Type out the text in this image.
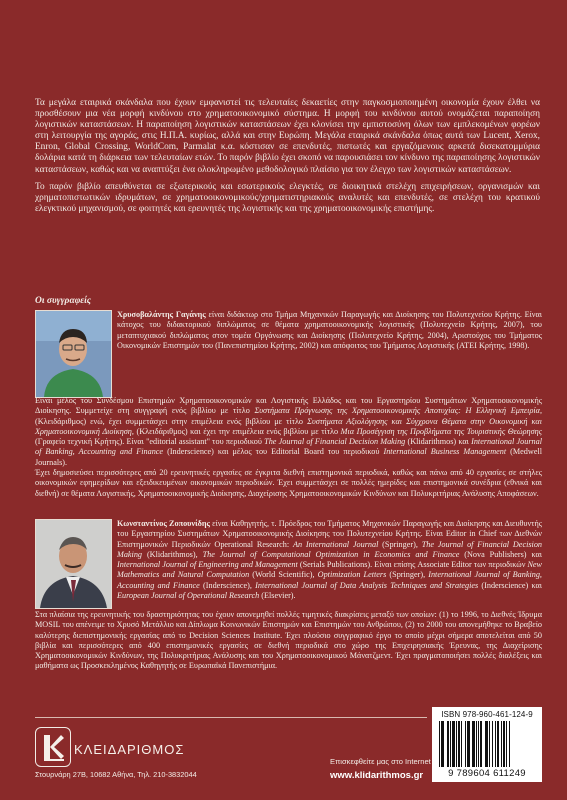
Τα μεγάλα εταιρικά σκάνδαλα που έχουν εμφανιστεί τις τελευταίες δεκαετίες στην παγκοσμιοποιημένη οικονομία έχουν έλθει να προσθέσουν μια νέα μορφή κινδύνου στο χρηματοοικονομικό σύστημα. Η μορφή του κινδύνου αυτού ονομάζεται παραποίηση λογιστικών καταστάσεων. Η παραποίηση λογιστικών καταστάσεων έχει κλονίσει την εμπιστοσύνη όλων των εμπλεκομένων φορέων στη λειτουργία της αγοράς, στις Η.Π.Α. κυρίως, αλλά και στην Ευρώπη. Μεγάλα εταιρικά σκάνδαλα όπως αυτά των Lucent, Xerox, Enron, Global Crossing, WorldCom, Parmalat κ.α. κόστισαν σε επενδυτές, πιστωτές και εργαζόμενους αρκετά δισεκατομμύρια δολάρια κατά τη διάρκεια των τελευταίων ετών. Το παρόν βιβλίο έχει σκοπό να παρουσιάσει τον κίνδυνο της παραποίησης λογιστικών καταστάσεων, καθώς και να αναπτύξει ένα ολοκληρωμένο μεθοδολογικό πλαίσιο για τον έλεγχο των λογιστικών καταστάσεων.

Το παρόν βιβλίο απευθύνεται σε εξωτερικούς και εσωτερικούς ελεγκτές, σε διοικητικά στελέχη επιχειρήσεων, οργανισμών και χρηματοπιστωτικών ιδρυμάτων, σε χρηματοοικονομικούς/χρηματιστηριακούς αναλυτές και επενδυτές, σε στελέχη του κρατικού ελεγκτικού μηχανισμού, σε φοιτητές και ερευνητές της λογιστικής και της χρηματοοικονομικής επιστήμης.

Οι συγγραφείς
Χρυσοβαλάντης Γαγάνης είναι διδάκτωρ στο Τμήμα Μηχανικών Παραγωγής και Διοίκησης του Πολυτεχνείου Κρήτης. Είναι κάτοχος του διδακτορικού διπλώματος σε θέματα χρηματοοικονομικής λογιστικής (Πολυτεχνείο Κρήτης, 2007), του μεταπτυχιακού διπλώματος στον τομέα Οργάνωσης και Διοίκησης (Πολυτεχνείο Κρήτης, 2004), Αριστούχος του Τμήματος Οικονομικών Επιστημών του (Πανεπιστημίου Κρήτης, 2002) και απόφοιτος του Τμήματος Λογιστικής (ΑΤΕΙ Κρήτης, 1998).
Είναι μέλος του Συνδέσμου Επιστημών Χρηματοοικονομικών και Λογιστικής Ελλάδος και του Εργαστηρίου Συστημάτων Χρηματοοικονομικής Διοίκησης. Συμμετείχε στη συγγραφή ενός βιβλίου με τίτλο Συστήματα Πρόγνωσης της Χρηματοοικονομικής Αποτυχίας: Η Ελληνική Εμπειρία, (Κλειδάριθμος) ενώ, έχει συμμετάσχει στην επιμέλεια ενός βιβλίου με τίτλο Συστήματα Αξιολόγησης και Σύγχρονα Θέματα στην Οικονομική και Χρηματοοικονομική Διοίκηση, (Κλειδάριθμος) και έχει την επιμέλεια ενός βιβλίου με τίτλο Μια Προσέγγιση της Προβλήματα της Τουριστικής Θεώρησης (Γραφείο τεχνική Κρήτης). Είναι "editorial assistant" του περιοδικού The Journal of Financial Decision Making (Klidarithmos) και International Journal of Banking, Accounting and Finance (Inderscience) και μέλος του Editorial Board του περιοδικού International Business Management (Medwell Journals).
Έχει δημοσιεύσει περισσότερες από 20 ερευνητικές εργασίες σε έγκριτα διεθνή επιστημονικά περιοδικά, καθώς και πάνω από 40 εργασίες σε στήλες οικονομικών εφημερίδων και εξειδικευμένων οικονομικών περιοδικών. Έχει συμμετάσχει σε πολλές ημερίδες και επιστημονικά συνέδρια (εθνικά και διεθνή) σε θέματα Λογιστικής, Χρηματοοικονομικής Διοίκησης, Διαχείρισης Χρηματοοικονομικών Κινδύνων και Πολυκριτήριας Ανάλυσης Αποφάσεων.
Κωνσταντίνος Ζοπουνίδης είναι Καθηγητής, τ. Πρόεδρος του Τμήματος Μηχανικών Παραγωγής και Διοίκησης και Διευθυντής του Εργαστηρίου Συστημάτων Χρηματοοικονομικής Διοίκησης του Πολυτεχνείου Κρήτης. Είναι Editor in Chief των Διεθνών Επιστημονικών Περιοδικών Operational Research: An International Journal (Springer), The Journal of Financial Decision Making (Klidarithmos), The Journal of Computational Optimization in Economics and Finance (Nova Publishers) και International Journal of Engineering and Management (Serials Publications). Είναι επίσης Associate Editor των περιοδικών New Mathematics and Natural Computation (World Scientific), Optimization Letters (Springer), International Journal of Banking, Accounting and Finance (Inderscience), International Journal of Data Analysis Techniques and Strategies (Inderscience) και European Journal of Operational Research (Elsevier).
Στα πλαίσια της ερευνητικής του δραστηριότητας του έχουν απονεμηθεί πολλές τιμητικές διακρίσεις μεταξύ των οποίων: (1) το 1996, το Διεθνές Ίδρυμα MOSIL του απένειμε το Χρυσό Μετάλλιο και Δίπλωμα Κοινωνικών Επιστημών και Επιστημών του Ανθρώπου, (2) το 2000 του απονεμήθηκε το Βραβείο καλύτερης διεπιστημονικής εργασίας από το Decision Sciences Institute. Έχει πλούσιο συγγραφικό έργο το οποίο μέχρι σήμερα αποτελείται από 50 βιβλία και περισσότερες από 400 επιστημονικές εργασίες σε διεθνή περιοδικά στο χώρο της Επιχειρησιακής Έρευνας, της Διαχείρισης Χρηματοοικονομικών Κινδύνων, της Πολυκριτήριας Ανάλυσης και του Χρηματοοικονομικού Μάνατζμεντ. Έχει πραγματοποιήσει πολλές διαλέξεις και μαθήματα ως Προσκεκλημένος Καθηγητής σε Ευρωπαϊκά Πανεπιστήμια.
ΚΛΕΙΔΑΡΙΘΜΟΣ
Στουρνάρη 27Β, 10682 Αθήνα, Τηλ. 210-3832044
Επισκεφθείτε μας στο Internet
www.klidarithmos.gr
ISBN 978-960-461-124-9
9 789604 611249
